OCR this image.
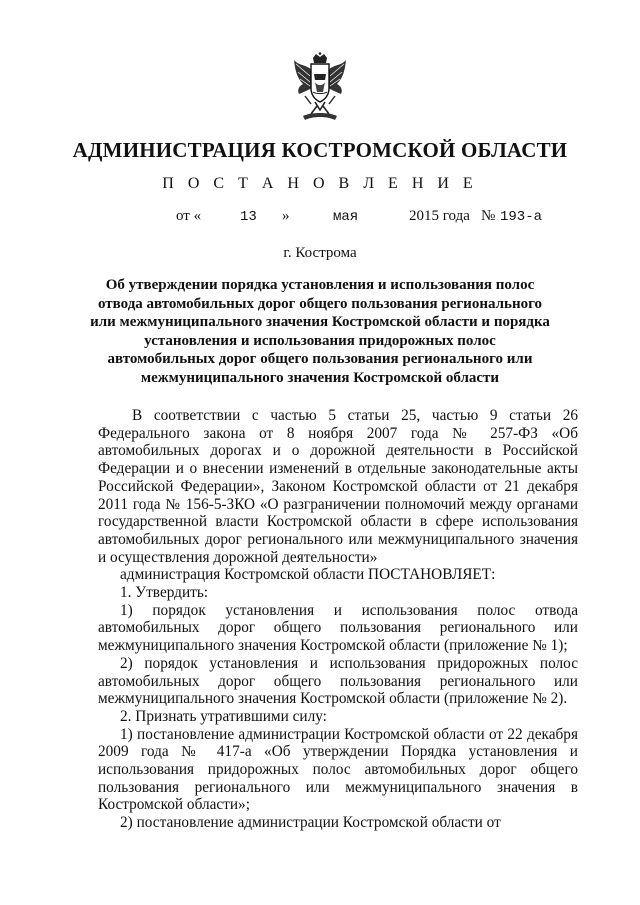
АДМИНИСТРАЦИЯ КОСТРОМСКОЙ ОБЛАСТИ
П О С Т А Н О В Л Е Н И Е
от «	13 »	мая	2015 года № 193-а
г. Кострома
Об утверждении порядка установления и использования полос отвода автомобильных дорог общего пользования регионального или межмуниципального значения Костромской области и порядка установления и использования придорожных полос автомобильных дорог общего пользования регионального или межмуниципального значения Костромской области

В соответствии с частью 5 статьи 25, частью 9 статьи 26 Федерального закона от 8 ноября 2007 года № 257-ФЗ «Об автомобильных дорогах и о дорожной деятельности в Российской Федерации и о внесении изменений в отдельные законодательные акты Российской Федерации», Законом Костромской области от 21 декабря 2011 года № 156-5-ЗКО «О разграничении полномочий между органами государственной власти Костромской области в сфере использования автомобильных дорог регионального или межмуниципального значения и осуществления дорожной деятельности»

администрация Костромской области ПОСТАНОВЛЯЕТ:

1. Утвердить:

1) порядок установления и использования полос отвода автомобильных дорог общего пользования регионального или межмуниципального значения Костромской области (приложение № 1);

2) порядок установления и использования придорожных полос автомобильных дорог общего пользования регионального или межмуниципального значения Костромской области (приложение № 2).

2. Признать утратившими силу:

1) постановление администрации Костромской области от 22 декабря 2009 года № 417-а «Об утверждении Порядка установления и использования придорожных полос автомобильных дорог общего пользования регионального или межмуниципального значения в Костромской области»;

2) постановление администрации Костромской области от
